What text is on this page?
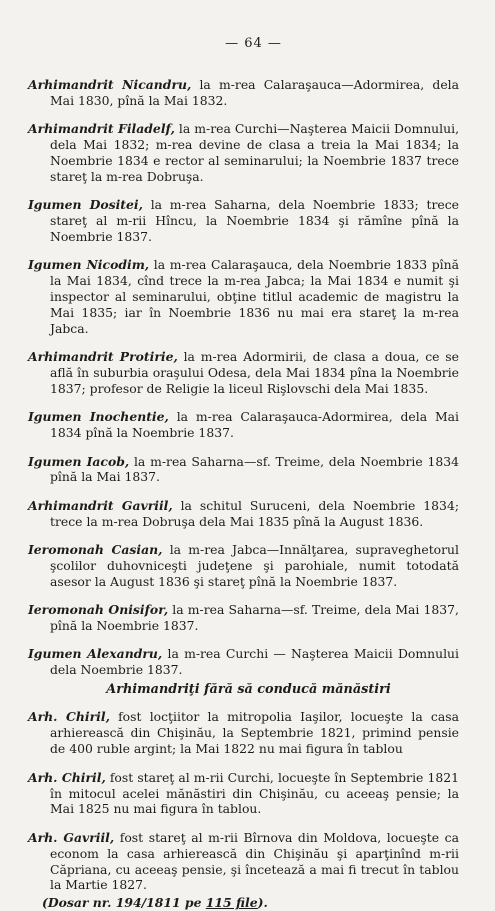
— 64 —

Arhimandrit Nicandru, la m-rea Calaraşauca—Adormirea, dela Mai 1830, pînă la Mai 1832.

Arhimandrit Filadelf, la m-rea Curchi—Naşterea Maicii Domnului, dela Mai 1832; m-rea devine de clasa a treia la Mai 1834; la Noembrie 1834 e rector al seminarului; la Noembrie 1837 trece stareţ la m-rea Dobruşa.

Igumen Dositei, la m-rea Saharna, dela Noembrie 1833; trece stareţ al m-rii Hîncu, la Noembrie 1834 şi rămîne pînă la Noembrie 1837.

Igumen Nicodim, la m-rea Calaraşauca, dela Noembrie 1833 pînă la Mai 1834, cînd trece la m-rea Jabca; la Mai 1834 e numit şi inspector al seminarului, obţine titlul academic de magistru la Mai 1835; iar în Noembrie 1836 nu mai era stareţ la m-rea Jabca.

Arhimandrit Protirie, la m-rea Adormirii, de clasa a doua, ce se află în suburbia oraşului Odesa, dela Mai 1834 pîna la Noembrie 1837; profesor de Religie la liceul Rişlovschi dela Mai 1835.

Igumen Inochentie, la m-rea Calaraşauca-Adormirea, dela Mai 1834 pînă la Noembrie 1837.

Igumen Iacob, la m-rea Saharna—sf. Treime, dela Noembrie 1834 pînă la Mai 1837.

Arhimandrit Gavriil, la schitul Suruceni, dela Noembrie 1834; trece la m-rea Dobruşa dela Mai 1835 pînă la August 1836.

Ieromonah Casian, la m-rea Jabca—Innălţarea, supraveghetorul şcolilor duhovniceşti judeţene şi parohiale, numit totodată asesor la August 1836 şi stareţ pînă la Noembrie 1837.

Ieromonah Onisifor, la m-rea Saharna—sf. Treime, dela Mai 1837, pînă la Noembrie 1837.

Igumen Alexandru, la m-rea Curchi — Naşterea Maicii Domnului dela Noembrie 1837.

Arhimandriţi fără să conducă mănăstiri

Arh. Chiril, fost locţiitor la mitropolia Iaşilor, locueşte la casa arhierească din Chişinău, la Septembrie 1821, primind pensie de 400 ruble argint; la Mai 1822 nu mai figura în tablou

Arh. Chiril, fost stareţ al m-rii Curchi, locueşte în Septembrie 1821 în mitocul acelei mănăstiri din Chişinău, cu aceeaş pensie; la Mai 1825 nu mai figura în tablou.

Arh. Gavriil, fost stareţ al m-rii Bîrnova din Moldova, locueşte ca econom la casa arhierească din Chişinău şi aparţinînd m-rii Căpriana, cu aceeaş pensie, şi încetează a mai fi trecut în tablou la Martie 1827.

(Dosar nr. 194/1811 pe 115 file).
